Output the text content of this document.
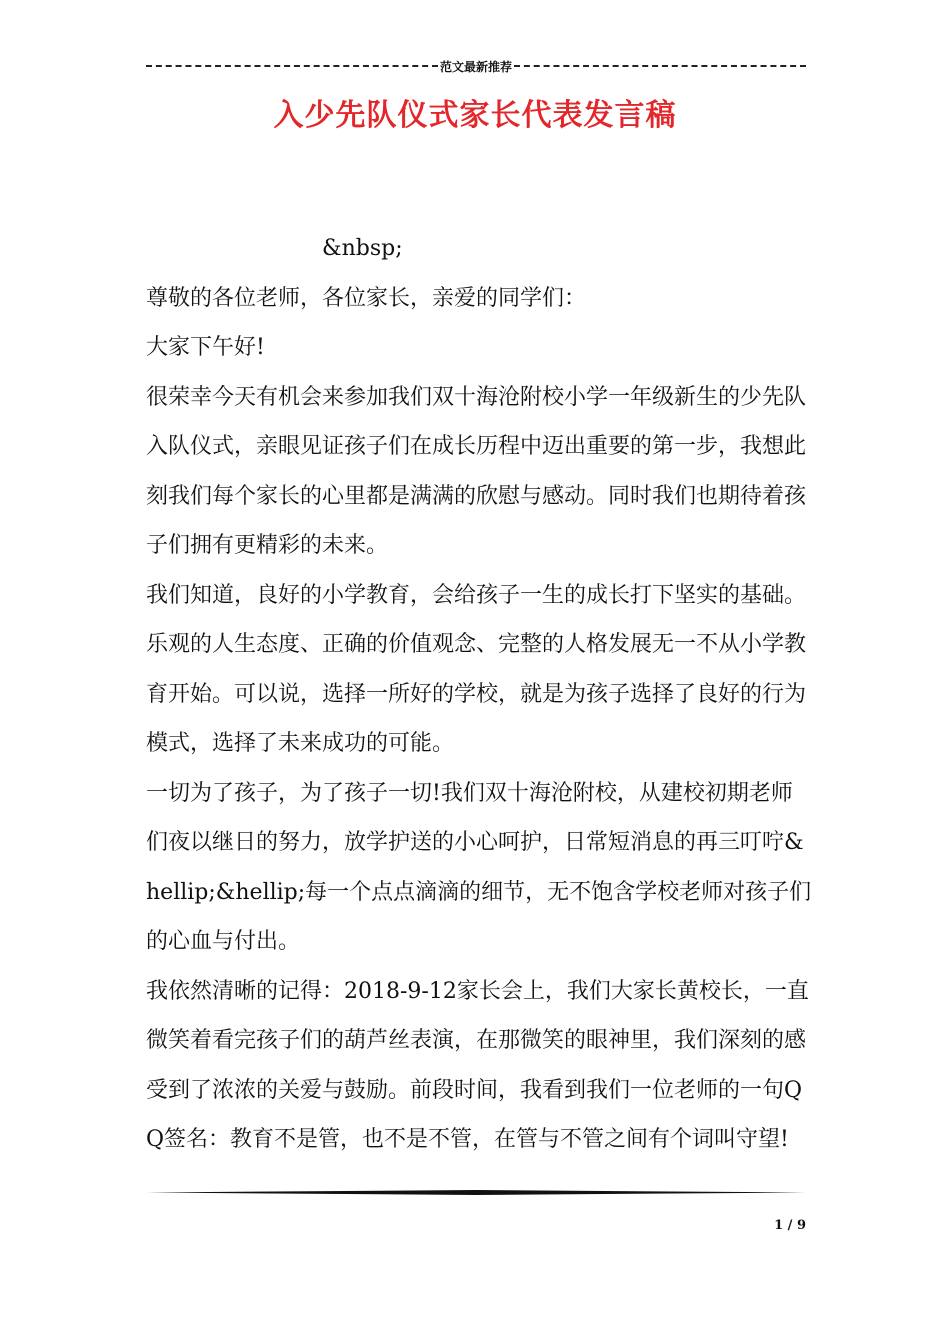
范文最新推荐
入少先队仪式家长代表发言稿

&nbsp;

尊敬的各位老师，各位家长，亲爱的同学们：

大家下午好!

很荣幸今天有机会来参加我们双十海沧附校小学一年级新生的少先队入队仪式，亲眼见证孩子们在成长历程中迈出重要的第一步，我想此刻我们每个家长的心里都是满满的欣慰与感动。同时我们也期待着孩子们拥有更精彩的未来。

我们知道，良好的小学教育，会给孩子一生的成长打下坚实的基础。乐观的人生态度、正确的价值观念、完整的人格发展无一不从小学教育开始。可以说，选择一所好的学校，就是为孩子选择了良好的行为模式，选择了未来成功的可能。

一切为了孩子，为了孩子一切!我们双十海沧附校，从建校初期老师们夜以继日的努力，放学护送的小心呵护，日常短消息的再三叮咛&hellip;&hellip;每一个点点滴滴的细节，无不饱含学校老师对孩子们的心血与付出。

我依然清晰的记得：2018-9-12家长会上，我们大家长黄校长，一直微笑着看完孩子们的葫芦丝表演，在那微笑的眼神里，我们深刻的感受到了浓浓的关爱与鼓励。前段时间，我看到我们一位老师的一句QQ签名：教育不是管，也不是不管，在管与不管之间有个词叫守望!

1 / 9
